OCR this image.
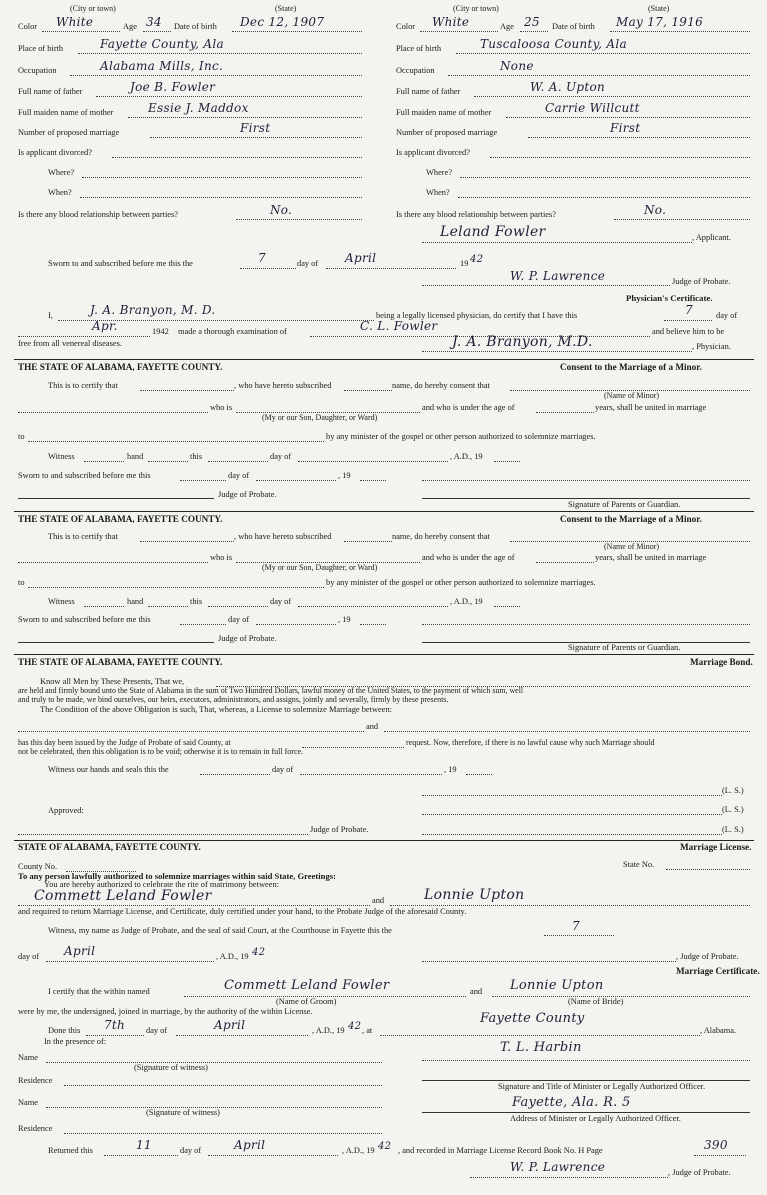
(City or town)	(State)
Color White	Age 34 Date of birth Dec 12, 1907
Place of birth	Fayette County, Ala
Occupation	Alabama Mills, Inc.
Full name of father	Joe B. Fowler
Full maiden name of mother	Essie J. Maddox
Number of proposed marriage	First
Is applicant divorced?
Where?
When?
Is there any blood relationship between parties?	No.
(City or town)	(State)
Color White	Age 25 Date of birth May 17, 1916
Place of birth	Tuscaloosa County, Ala
Occupation	None
Full name of father	W. A. Upton
Full maiden name of mother	Carrie Willcutt
Number of proposed marriage	First
Is applicant divorced?
Where?
When?
Is there any blood relationship between parties?	No.
Leland Fowler	, Applicant.
Sworn to and subscribed before me this the	7	day of April	19 42
W. P. Lawrence	Judge of Probate.
Physician's Certificate.
I,	J. A. Branyon, M. D.	being a legally licensed physician, do certify that I have this	7	day of
Apr.	1942 made a thorough examination of	C. L. Fowler	and believe him to be
free from all venereal diseases.	J. A. Branyon, M.D.	, Physician.
THE STATE OF ALABAMA, FAYETTE COUNTY.	Consent to the Marriage of a Minor.
This is to certify that	, who have hereto subscribed	name, do hereby consent that
(Name of Minor)
who is	and who is under the age of	years, shall be united in marriage
(My or our Son, Daughter, or Ward)
to	by any minister of the gospel or other person authorized to solemnize marriages.
Witness	hand	this	day of	, A.D., 19
Sworn to and subscribed before me this	day of	, 19
Judge of Probate.
Signature of Parents or Guardian.
THE STATE OF ALABAMA, FAYETTE COUNTY.	Consent to the Marriage of a Minor.
This is to certify that	, who have hereto subscribed	name, do hereby consent that
(Name of Minor)
who is	and who is under the age of	years, shall be united in marriage
(My or our Son, Daughter, or Ward)
to	by any minister of the gospel or other person authorized to solemnize marriages.
Witness	hand	this	day of	, A.D., 19
Sworn to and subscribed before me this	day of	, 19
Judge of Probate.
Signature of Parents or Guardian.
THE STATE OF ALABAMA, FAYETTE COUNTY.	Marriage Bond.
Know all Men by These Presents, That we,
are held and firmly bound unto the State of Alabama in the sum of Two Hundred Dollars, lawful money of the United States, to the payment of which sum, well
and truly to be made, we bind ourselves, our heirs, executors, administrators, and assigns, jointly and severally, firmly by these presents.
The Condition of the above Obligation is such, That, whereas, a License to solemnize Marriage between:
and
has this day been issued by the Judge of Probate of said County, at	request. Now, therefore, if there is no lawful cause why such Marriage should
not be celebrated, then this obligation is to be void; otherwise it is to remain in full force.
Witness our hands and seals this the	day of	, 19
(L. S.)
Approved:	(L. S.)
Judge of Probate.	(L. S.)
STATE OF ALABAMA, FAYETTE COUNTY.	Marriage License.
County No.	State No.
To any person lawfully authorized to solemnize marriages within said State, Greetings:
You are hereby authorized to celebrate the rite of matrimony between:
Commett Leland Fowler	and	Lonnie Upton
and required to return Marriage License, and Certificate, duly certified under your hand, to the Probate Judge of the aforesaid County.
Witness, my name as Judge of Probate, and the seal of said Court, at the Courthouse in Fayette this the	7
day of April	, A.D., 19 42	, Judge of Probate.
Marriage Certificate.
I certify that the within named	Commett Leland Fowler	and Lonnie Upton
(Name of Groom)	(Name of Bride)
were by me, the undersigned, joined in marriage, by the authority of the within License.
Done this 7th day of	April	, A.D., 19 42 , at
Fayette County
, Alabama.
In the presence of:	T. L. Harbin
Name
(Signature of witness)
Residence
Signature and Title of Minister or Legally Authorized Officer.
Name	Fayette, Ala. R. 5
(Signature of witness)
Address of Minister or Legally Authorized Officer.
Residence
Returned this	11	day of	April	, A.D., 19 42 , and recorded in Marriage License Record Book No. H Page	390
W. P. Lawrence	, Judge of Probate.
